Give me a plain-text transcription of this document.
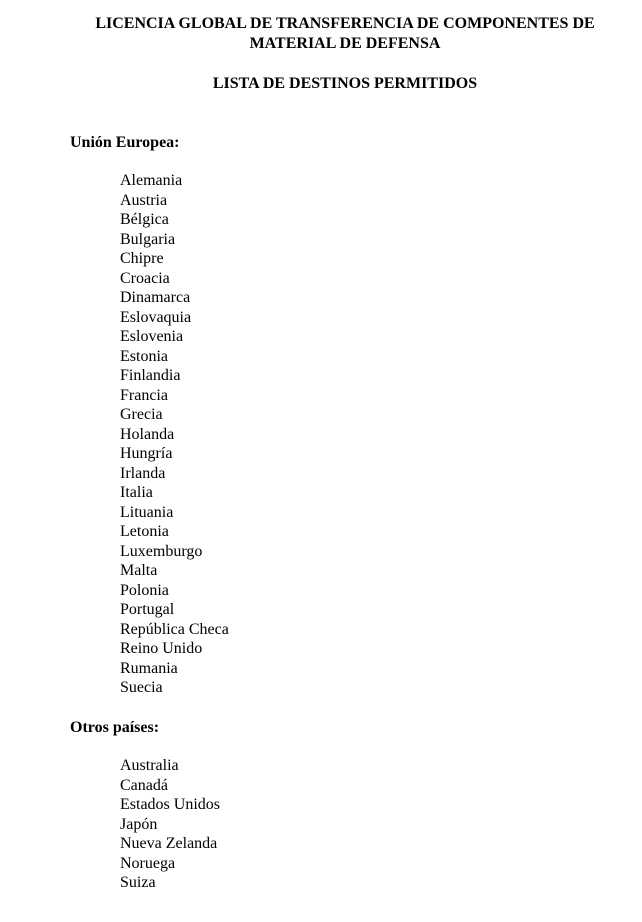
LICENCIA GLOBAL DE TRANSFERENCIA DE COMPONENTES DE
MATERIAL DE DEFENSA
LISTA DE DESTINOS PERMITIDOS
Unión Europea:
Alemania
Austria
Bélgica
Bulgaria
Chipre
Croacia
Dinamarca
Eslovaquia
Eslovenia
Estonia
Finlandia
Francia
Grecia
Holanda
Hungría
Irlanda
Italia
Lituania
Letonia
Luxemburgo
Malta
Polonia
Portugal
República Checa
Reino Unido
Rumania
Suecia
Otros países:
Australia
Canadá
Estados Unidos
Japón
Nueva Zelanda
Noruega
Suiza
